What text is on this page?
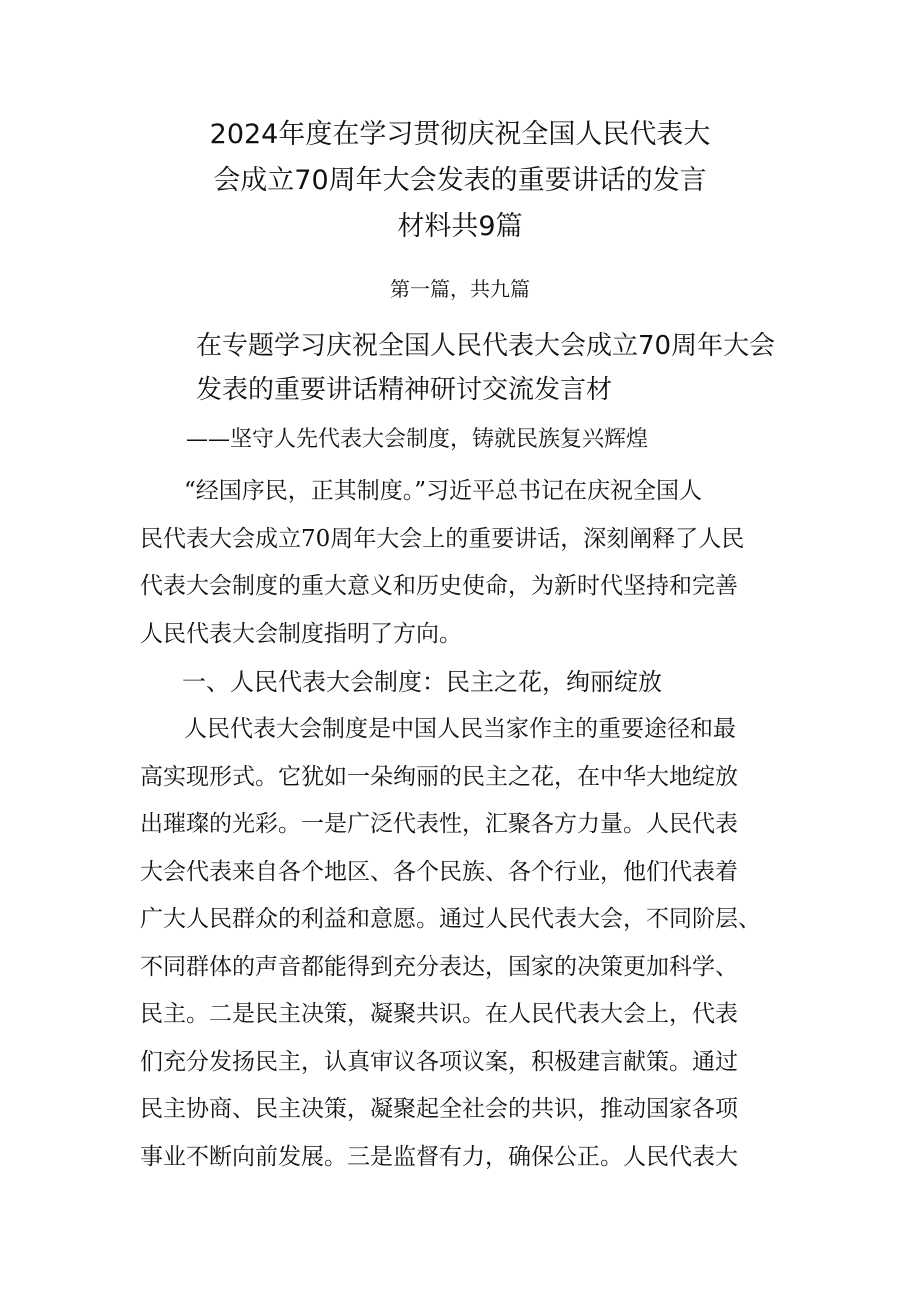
2024年度在学习贯彻庆祝全国人民代表大
会成立70周年大会发表的重要讲话的发言
材料共9篇
第一篇，共九篇
在专题学习庆祝全国人民代表大会成立70周年大会
发表的重要讲话精神研讨交流发言材
——坚守人先代表大会制度，铸就民族复兴辉煌
“经国序民，正其制度。”习近平总书记在庆祝全国人
民代表大会成立70周年大会上的重要讲话，深刻阐释了人民
代表大会制度的重大意义和历史使命，为新时代坚持和完善
人民代表大会制度指明了方向。
一、人民代表大会制度：民主之花，绚丽绽放
人民代表大会制度是中国人民当家作主的重要途径和最
高实现形式。它犹如一朵绚丽的民主之花，在中华大地绽放
出璀璨的光彩。一是广泛代表性，汇聚各方力量。人民代表
大会代表来自各个地区、各个民族、各个行业，他们代表着
广大人民群众的利益和意愿。通过人民代表大会，不同阶层、
不同群体的声音都能得到充分表达，国家的决策更加科学、
民主。二是民主决策，凝聚共识。在人民代表大会上，代表
们充分发扬民主，认真审议各项议案，积极建言献策。通过
民主协商、民主决策，凝聚起全社会的共识，推动国家各项
事业不断向前发展。三是监督有力，确保公正。人民代表大
